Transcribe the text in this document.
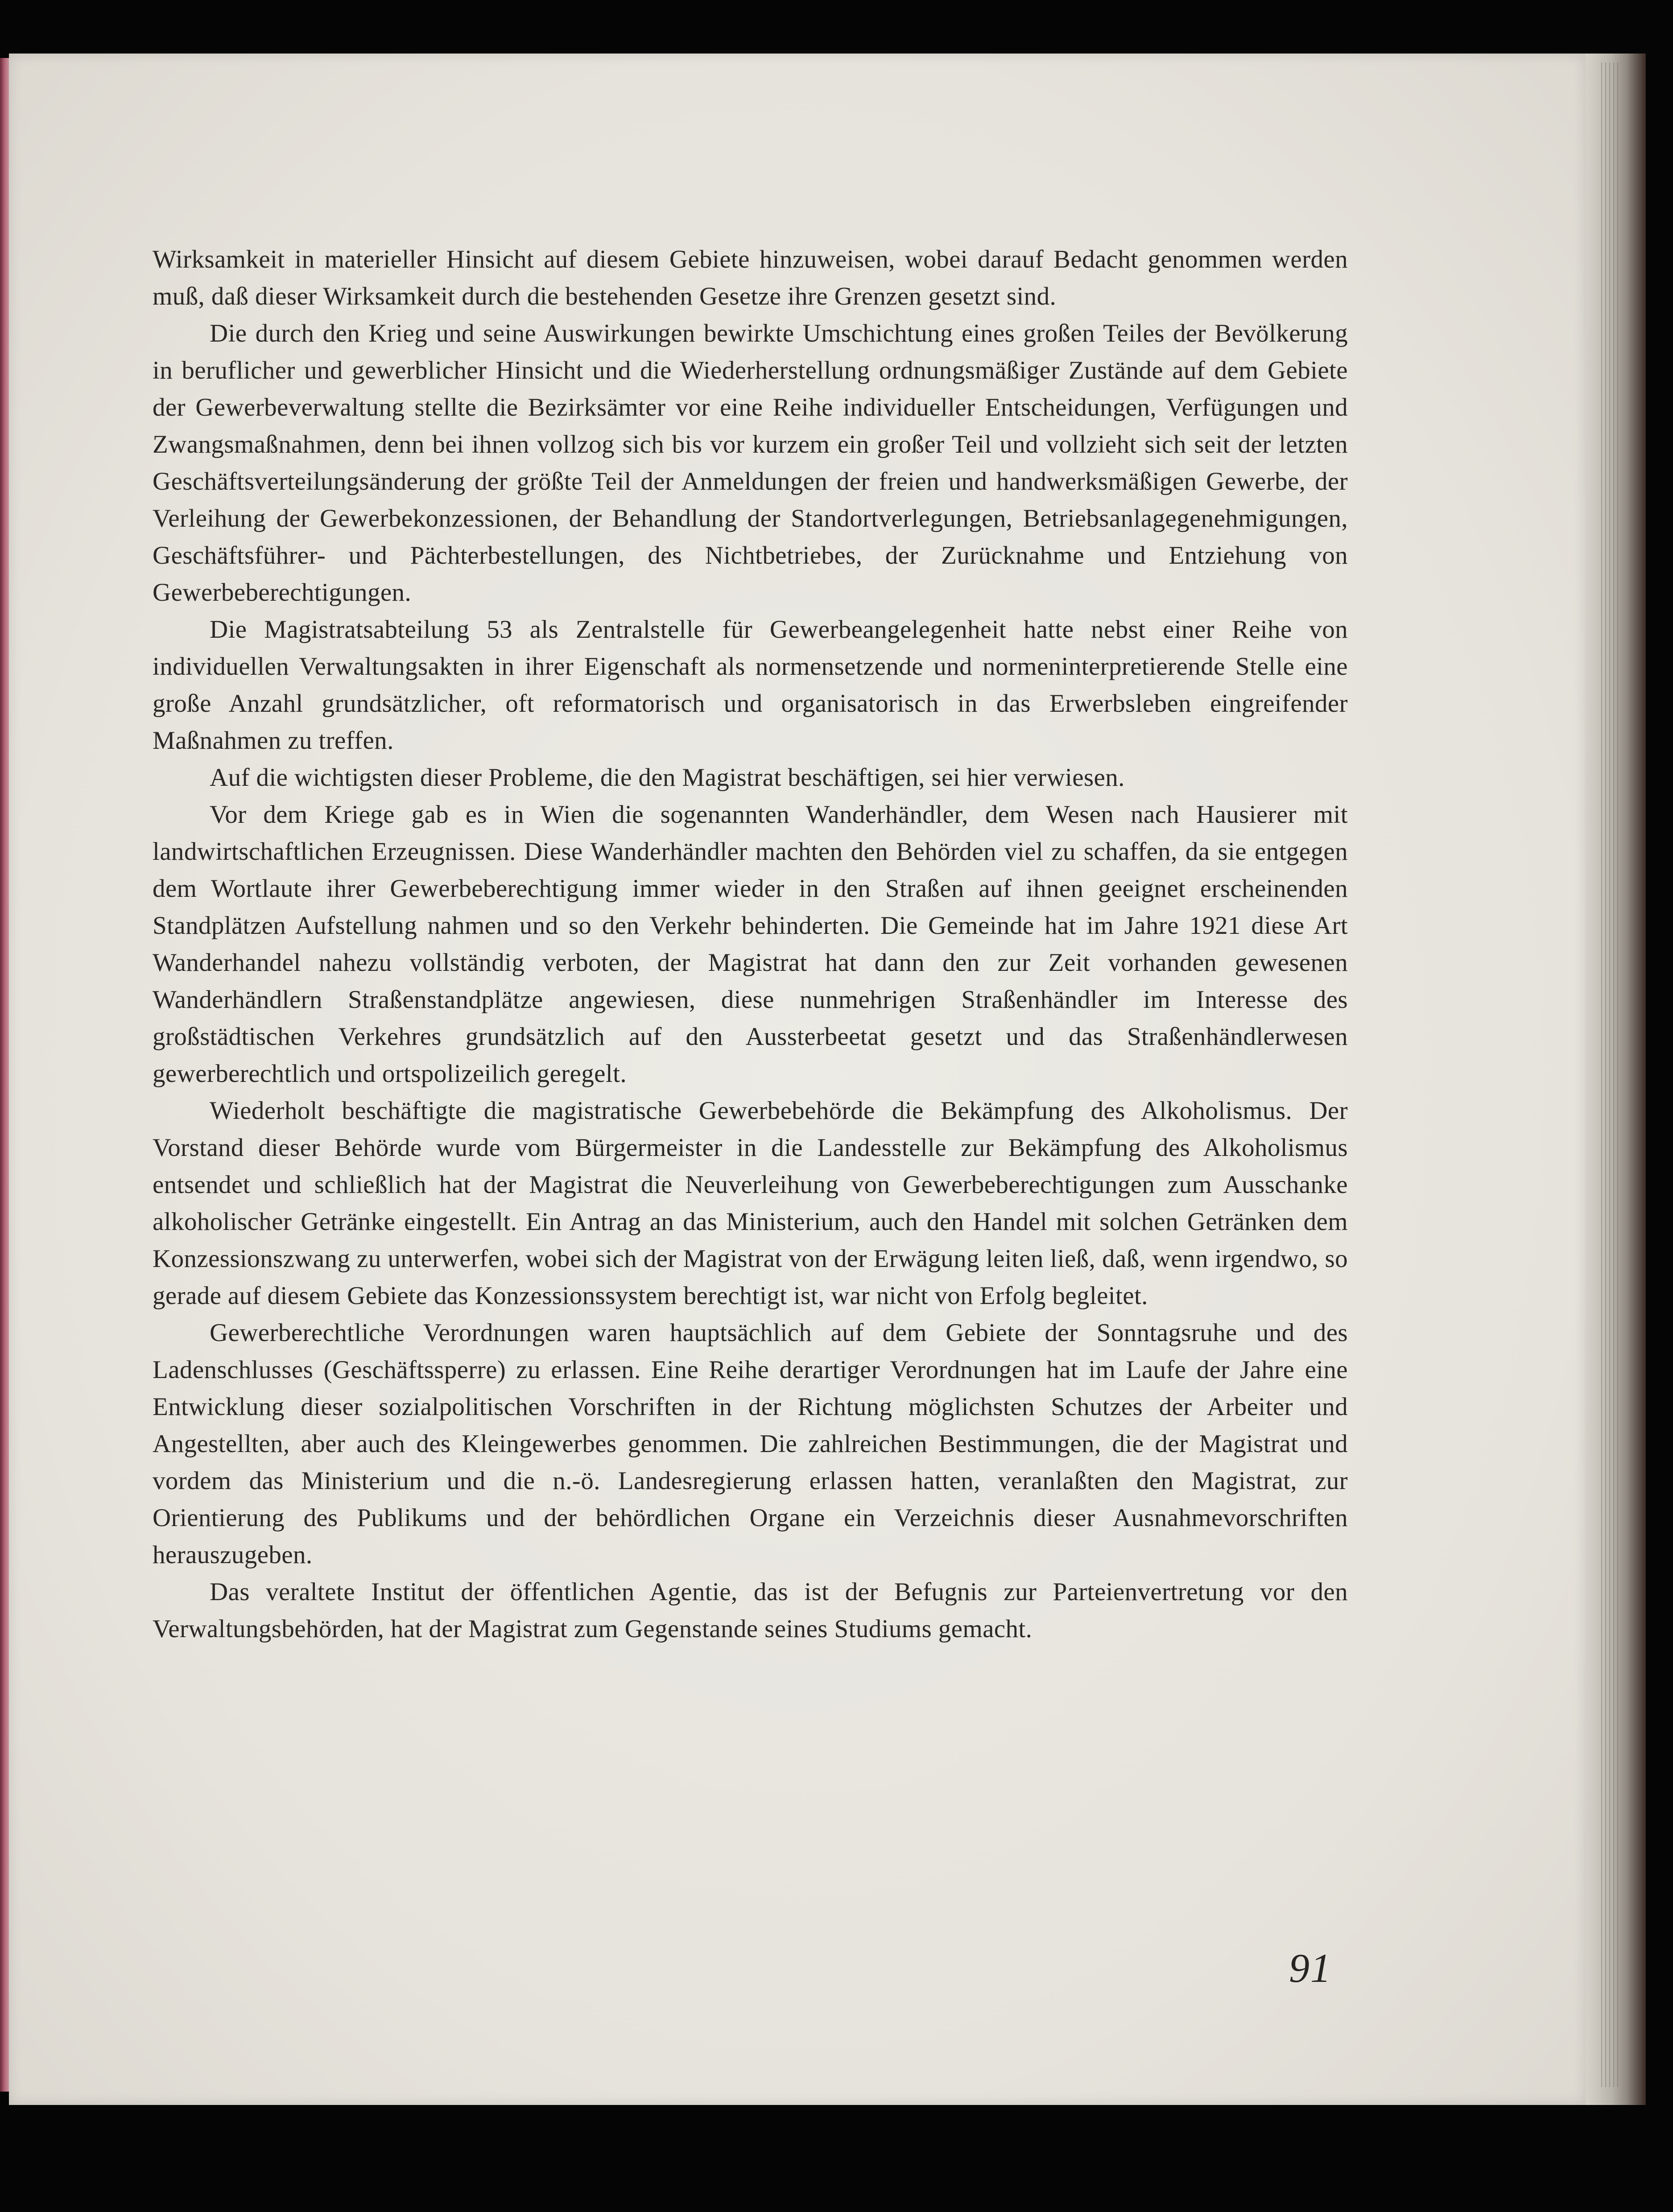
Wirksamkeit in materieller Hinsicht auf diesem Gebiete hinzuweisen, wobei darauf Bedacht genommen werden muß, daß dieser Wirksamkeit durch die bestehenden Gesetze ihre Grenzen gesetzt sind.

Die durch den Krieg und seine Auswirkungen bewirkte Umschichtung eines großen Teiles der Bevölkerung in beruflicher und gewerblicher Hinsicht und die Wiederherstellung ordnungsmäßiger Zustände auf dem Gebiete der Gewerbeverwaltung stellte die Bezirksämter vor eine Reihe individueller Entscheidungen, Verfügungen und Zwangsmaßnahmen, denn bei ihnen vollzog sich bis vor kurzem ein großer Teil und vollzieht sich seit der letzten Geschäftsverteilungsänderung der größte Teil der Anmeldungen der freien und handwerksmäßigen Gewerbe, der Verleihung der Gewerbekonzessionen, der Behandlung der Standortverlegungen, Betriebsanlagegenehmigungen, Geschäftsführer- und Pächterbestellungen, des Nichtbetriebes, der Zurücknahme und Entziehung von Gewerbeberechtigungen.

Die Magistratsabteilung 53 als Zentralstelle für Gewerbeangelegenheit hatte nebst einer Reihe von individuellen Verwaltungsakten in ihrer Eigenschaft als normensetzende und normeninterpretierende Stelle eine große Anzahl grundsätzlicher, oft reformatorisch und organisatorisch in das Erwerbsleben eingreifender Maßnahmen zu treffen.

Auf die wichtigsten dieser Probleme, die den Magistrat beschäftigen, sei hier verwiesen.

Vor dem Kriege gab es in Wien die sogenannten Wanderhändler, dem Wesen nach Hausierer mit landwirtschaftlichen Erzeugnissen. Diese Wanderhändler machten den Behörden viel zu schaffen, da sie entgegen dem Wortlaute ihrer Gewerbeberechtigung immer wieder in den Straßen auf ihnen geeignet erscheinenden Standplätzen Aufstellung nahmen und so den Verkehr behinderten. Die Gemeinde hat im Jahre 1921 diese Art Wanderhandel nahezu vollständig verboten, der Magistrat hat dann den zur Zeit vorhanden gewesenen Wanderhändlern Straßenstandplätze angewiesen, diese nunmehrigen Straßenhändler im Interesse des großstädtischen Verkehres grundsätzlich auf den Aussterbeetat gesetzt und das Straßenhändlerwesen gewerberechtlich und ortspolizeilich geregelt.

Wiederholt beschäftigte die magistratische Gewerbebehörde die Bekämpfung des Alkoholismus. Der Vorstand dieser Behörde wurde vom Bürgermeister in die Landesstelle zur Bekämpfung des Alkoholismus entsendet und schließlich hat der Magistrat die Neuverleihung von Gewerbeberechtigungen zum Ausschanke alkoholischer Getränke eingestellt. Ein Antrag an das Ministerium, auch den Handel mit solchen Getränken dem Konzessionszwang zu unterwerfen, wobei sich der Magistrat von der Erwägung leiten ließ, daß, wenn irgendwo, so gerade auf diesem Gebiete das Konzessionssystem berechtigt ist, war nicht von Erfolg begleitet.

Gewerberechtliche Verordnungen waren hauptsächlich auf dem Gebiete der Sonntagsruhe und des Ladenschlusses (Geschäftssperre) zu erlassen. Eine Reihe derartiger Verordnungen hat im Laufe der Jahre eine Entwicklung dieser sozialpolitischen Vorschriften in der Richtung möglichsten Schutzes der Arbeiter und Angestellten, aber auch des Kleingewerbes genommen. Die zahlreichen Bestimmungen, die der Magistrat und vordem das Ministerium und die n.-ö. Landesregierung erlassen hatten, veranlaßten den Magistrat, zur Orientierung des Publikums und der behördlichen Organe ein Verzeichnis dieser Ausnahmevorschriften herauszugeben.

Das veraltete Institut der öffentlichen Agentie, das ist der Befugnis zur Parteienvertretung vor den Verwaltungsbehörden, hat der Magistrat zum Gegenstande seines Studiums gemacht.

91
